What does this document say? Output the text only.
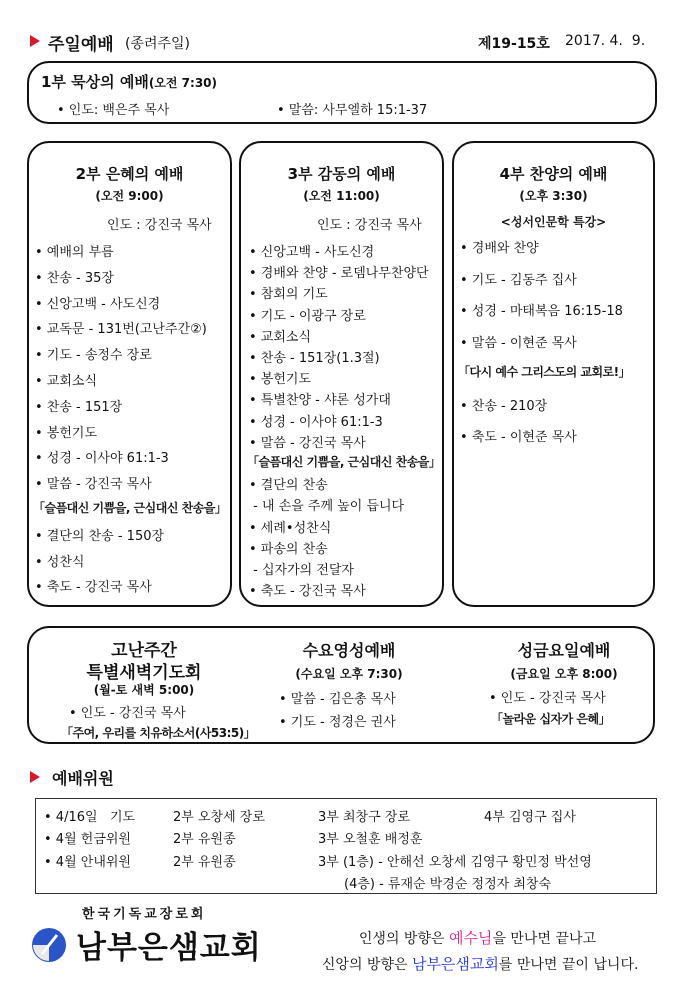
주일예배 (종려주일)	제19-15호 2017. 4.  9.
1부 묵상의 예배(오전 7:30)
• 인도: 백은주 목사	• 말씀: 사무엘하 15:1-37
2부 은혜의 예배
(오전 9:00)
인도 : 강진국 목사
• 예배의 부름
• 찬송 - 35장
• 신앙고백 - 사도신경
• 교독문 - 131번(고난주간②)
• 기도 - 송정수 장로
• 교회소식
• 찬송 - 151장
• 봉헌기도
• 성경 - 이사야 61:1-3
• 말씀 - 강진국 목사
「슬픔대신 기쁨을, 근심대신 찬송을」
• 결단의 찬송 - 150장
• 성찬식
• 축도 - 강진국 목사
3부 감동의 예배
(오전 11:00)
인도 : 강진국 목사
• 신앙고백 - 사도신경
• 경배와 찬양 - 로뎀나무찬양단
• 참회의 기도
• 기도 - 이광구 장로
• 교회소식
• 찬송 - 151장(1.3절)
• 봉헌기도
• 특별찬양 - 샤론 성가대
• 성경 - 이사야 61:1-3
• 말씀 - 강진국 목사
「슬픔대신 기쁨을, 근심대신 찬송을」
• 결단의 찬송
- 내 손을 주께 높이 듭니다
• 세례•성찬식
• 파송의 찬송
- 십자가의 전달자
• 축도 - 강진국 목사
4부 찬양의 예배
(오후 3:30)
<성서인문학 특강>
• 경배와 찬양
• 기도 - 김동주 집사
• 성경 - 마태복음 16:15-18
• 말씀 - 이현준 목사
「다시 예수 그리스도의 교회로!」
• 찬송 - 210장
• 축도 - 이현준 목사
고난주간
특별새벽기도회
(월-토 새벽 5:00)
• 인도 - 강진국 목사
「주여, 우리를 치유하소서(사53:5)」
수요영성예배
(수요일 오후 7:30)
• 말씀 - 김은총 목사
• 기도 - 정경은 권사
성금요일예배
(금요일 오후 8:00)
• 인도 - 강진국 목사
「놀라운 십자가 은혜」
예배위원
• 4/16일   기도	2부 오창세 장로	3부 최창구 장로	4부 김영구 집사
• 4월 헌금위원	2부 유원종	3부 오철훈 배정훈
• 4월 안내위원	2부 유원종	3부 (1층) - 안해선 오창세 김영구 황민정 박선영
(4층) - 류재순 박경순 정정자 최창숙
한국기독교장로회
남부은샘교회	인생의 방향은 예수님을 만나면 끝나고

신앙의 방향은 남부은샘교회를 만나면 끝이 납니다.
